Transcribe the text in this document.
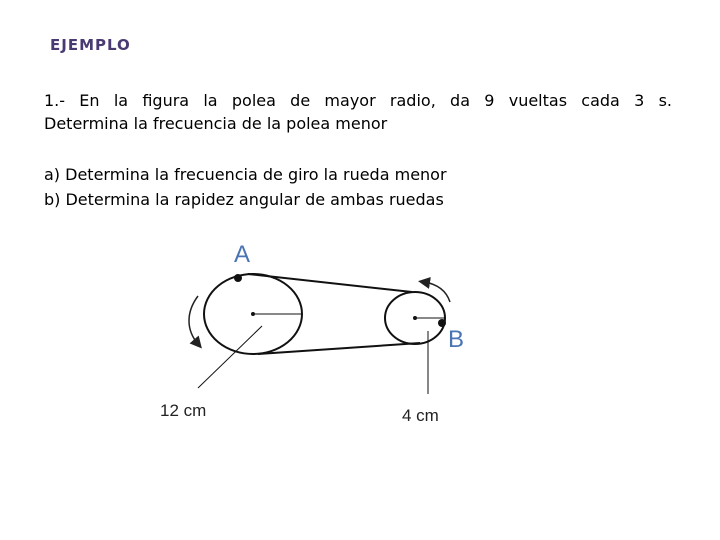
EJEMPLO
1.- En la figura la polea de mayor radio, da 9 vueltas cada 3 s.
Determina la frecuencia de la polea menor
a) Determina la frecuencia de giro la rueda menor
b) Determina la rapidez angular de ambas ruedas
A
B
12 cm	4 cm
